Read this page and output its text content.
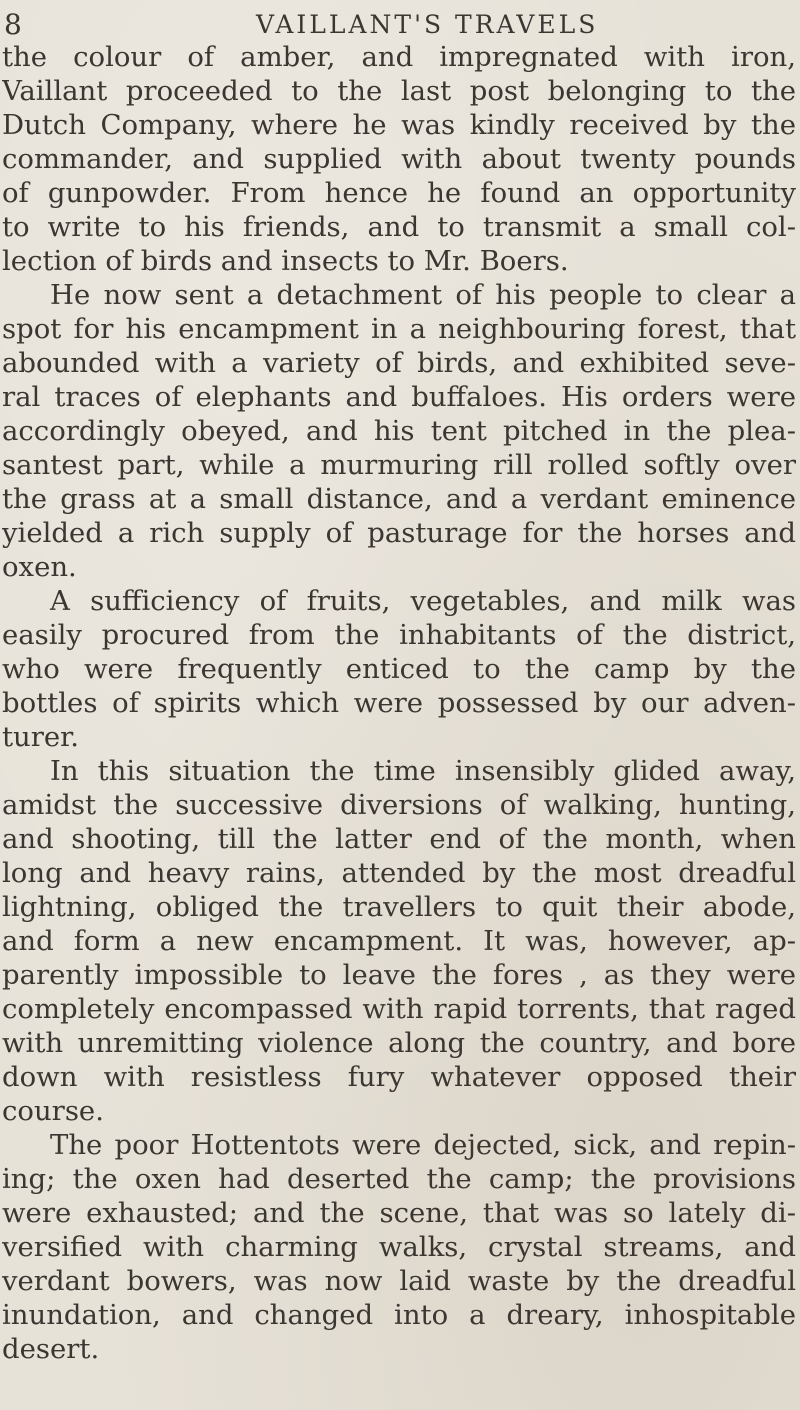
8	VAILLANT'S TRAVELS
the colour of amber, and impregnated with iron,
Vaillant proceeded to the last post belonging to the
Dutch Company, where he was kindly received by the
commander, and supplied with about twenty pounds
of gunpowder. From hence he found an opportunity
to write to his friends, and to transmit a small col-
lection of birds and insects to Mr. Boers.
He now sent a detachment of his people to clear a
spot for his encampment in a neighbouring forest, that
abounded with a variety of birds, and exhibited seve-
ral traces of elephants and buffaloes. His orders were
accordingly obeyed, and his tent pitched in the plea-
santest part, while a murmuring rill rolled softly over
the grass at a small distance, and a verdant eminence
yielded a rich supply of pasturage for the horses and
oxen.
A sufficiency of fruits, vegetables, and milk was
easily procured from the inhabitants of the district,
who were frequently enticed to the camp by the
bottles of spirits which were possessed by our adven-
turer.
In this situation the time insensibly glided away,
amidst the successive diversions of walking, hunting,
and shooting, till the latter end of the month, when
long and heavy rains, attended by the most dreadful
lightning, obliged the travellers to quit their abode,
and form a new encampment. It was, however, ap-
parently impossible to leave the fores , as they were
completely encompassed with rapid torrents, that raged
with unremitting violence along the country, and bore
down with resistless fury whatever opposed their
course.
The poor Hottentots were dejected, sick, and repin-
ing; the oxen had deserted the camp; the provisions
were exhausted; and the scene, that was so lately di-
versified with charming walks, crystal streams, and
verdant bowers, was now laid waste by the dreadful
inundation, and changed into a dreary, inhospitable
desert.
